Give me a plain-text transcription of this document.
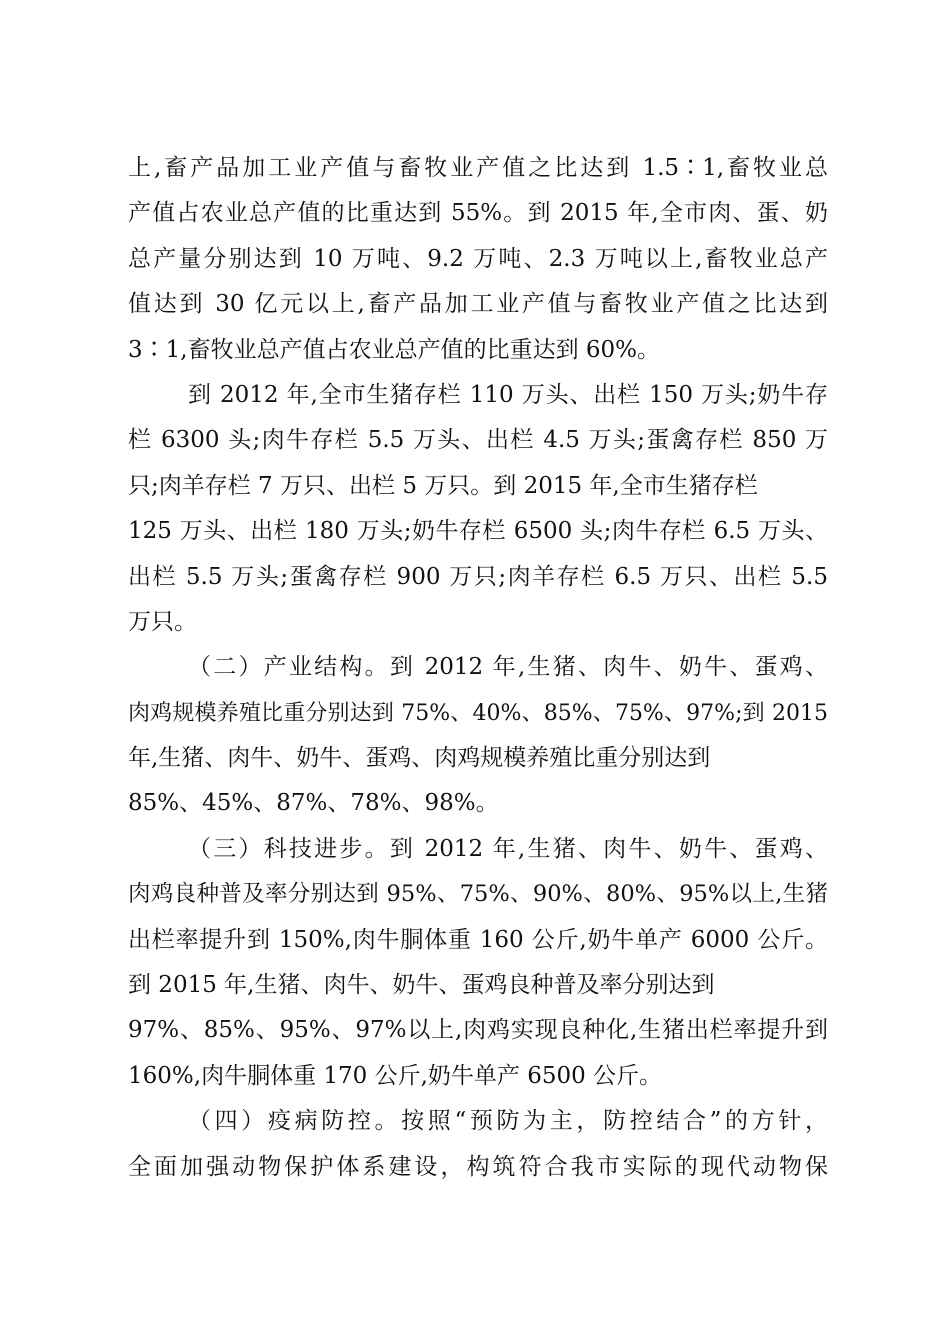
上,畜产品加工业产值与畜牧业产值之比达到 1.5∶1,畜牧业总
产值占农业总产值的比重达到 55%。到 2015 年,全市肉、蛋、奶
总产量分别达到 10 万吨、9.2 万吨、2.3 万吨以上,畜牧业总产
值达到 30 亿元以上,畜产品加工业产值与畜牧业产值之比达到
3∶1,畜牧业总产值占农业总产值的比重达到 60%。
到 2012 年,全市生猪存栏 110 万头、出栏 150 万头;奶牛存
栏 6300 头;肉牛存栏 5.5 万头、出栏 4.5 万头;蛋禽存栏 850 万
只;肉羊存栏 7 万只、出栏 5 万只。到 2015 年,全市生猪存栏
125 万头、出栏 180 万头;奶牛存栏 6500 头;肉牛存栏 6.5 万头、
出栏 5.5 万头;蛋禽存栏 900 万只;肉羊存栏 6.5 万只、出栏 5.5
万只。
（二）产业结构。到 2012 年,生猪、肉牛、奶牛、蛋鸡、
肉鸡规模养殖比重分别达到 75%、40%、85%、75%、97%;到 2015
年,生猪、肉牛、奶牛、蛋鸡、肉鸡规模养殖比重分别达到
85%、45%、87%、78%、98%。
（三）科技进步。到 2012 年,生猪、肉牛、奶牛、蛋鸡、
肉鸡良种普及率分别达到 95%、75%、90%、80%、95%以上,生猪
出栏率提升到 150%,肉牛胴体重 160 公斤,奶牛单产 6000 公斤。
到 2015 年,生猪、肉牛、奶牛、蛋鸡良种普及率分别达到
97%、85%、95%、97%以上,肉鸡实现良种化,生猪出栏率提升到
160%,肉牛胴体重 170 公斤,奶牛单产 6500 公斤。
（四）疫病防控。按照“预防为主，防控结合”的方针，
全面加强动物保护体系建设，构筑符合我市实际的现代动物保
